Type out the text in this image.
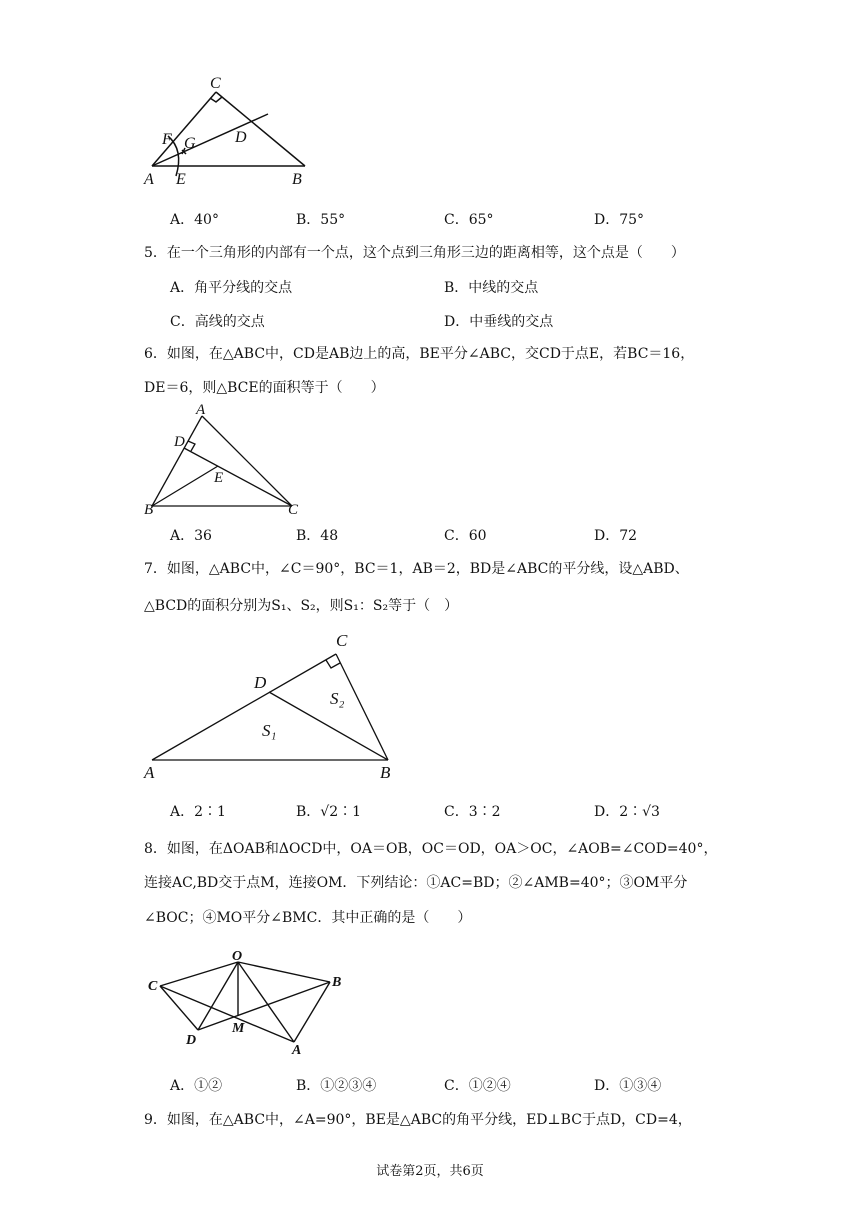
C
F G D
A E	B
A．40°	B．55°	C．65°	D．75°
5．在一个三角形的内部有一个点，这个点到三角形三边的距离相等，这个点是（　　）
A．角平分线的交点	B．中线的交点
C．高线的交点	D．中垂线的交点
6．如图，在△ABC中，CD是AB边上的高，BE平分∠ABC，交CD于点E，若BC＝16，
DE＝6，则△BCE的面积等于（　　）
A
D
E
B	C
A．36	B．48	C．60	D．72
7．如图，△ABC中，∠C＝90°，BC＝1，AB＝2，BD是∠ABC的平分线，设△ABD、
△BCD的面积分别为S₁、S₂，则S₁：S₂等于（　）
C
D
S₂
S₁
A	B
A．2∶1	B．√2∶1	C．3∶2	D．2∶√3
8．如图，在ΔOAB和ΔOCD中，OA＝OB，OC＝OD，OA＞OC，∠AOB=∠COD=40°，
连接AC,BD交于点M，连接OM．下列结论：①AC=BD；②∠AMB=40°；③OM平分
∠BOC；④MO平分∠BMC．其中正确的是（　　）
O
C	B
M
D
A
A．①②	B．①②③④	C．①②④	D．①③④
9．如图，在△ABC中，∠A=90°，BE是△ABC的角平分线，ED⊥BC于点D，CD=4，
试卷第2页，共6页
